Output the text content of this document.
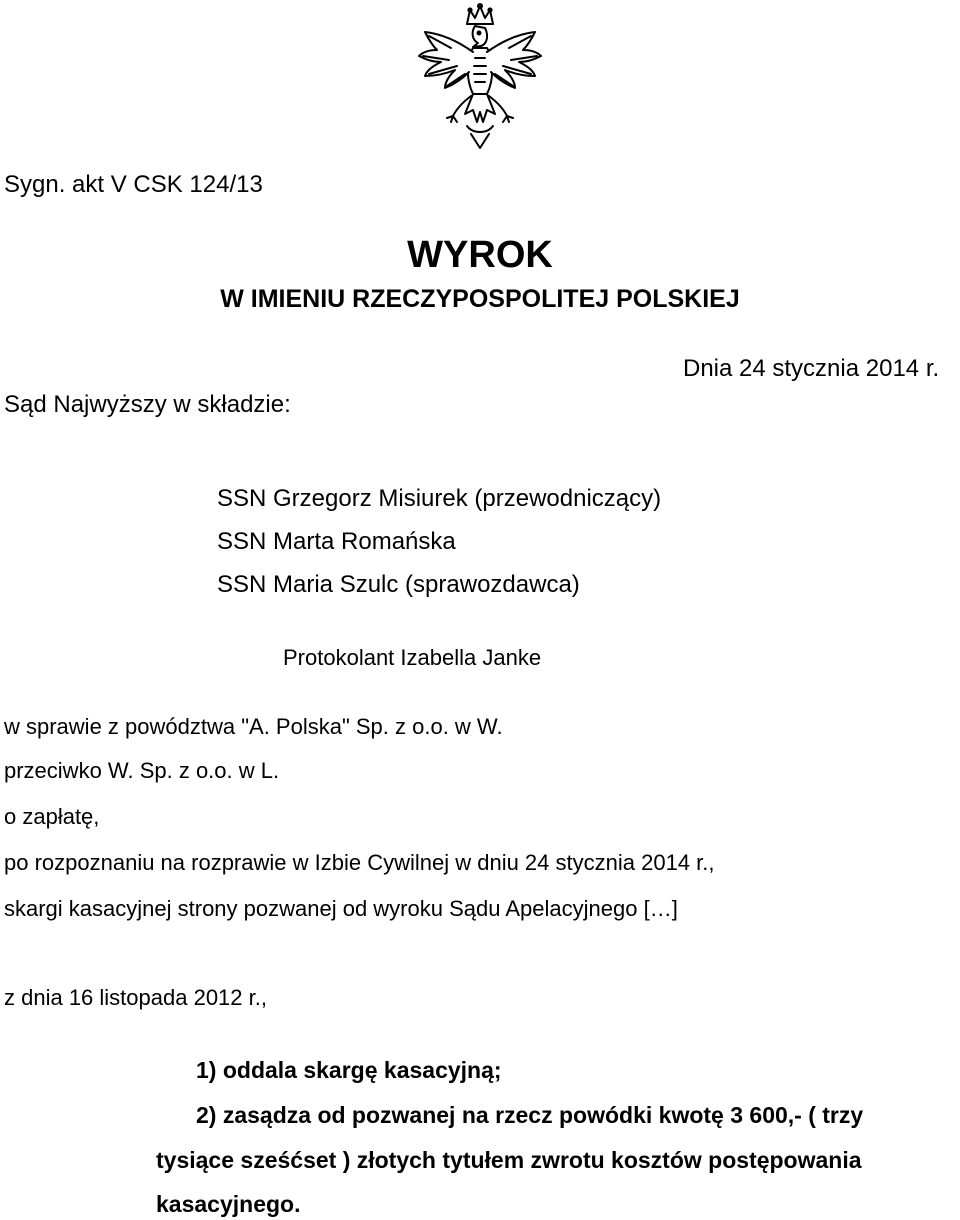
Sygn. akt V CSK 124/13
WYROK
W IMIENIU RZECZYPOSPOLITEJ POLSKIEJ
Dnia 24 stycznia 2014 r.
Sąd Najwyższy w składzie:
SSN Grzegorz Misiurek (przewodniczący)
SSN Marta Romańska
SSN Maria Szulc (sprawozdawca)
Protokolant Izabella Janke
w sprawie z powództwa "A. Polska" Sp. z o.o. w W.
przeciwko W. Sp. z o.o. w L.
o zapłatę,
po rozpoznaniu na rozprawie w Izbie Cywilnej w dniu 24 stycznia 2014 r.,
skargi kasacyjnej strony pozwanej od wyroku Sądu Apelacyjnego […]
z dnia 16 listopada 2012 r.,
1) oddala skargę kasacyjną;
2) zasądza od pozwanej na rzecz powódki kwotę 3 600,- ( trzy
tysiące sześćset ) złotych tytułem zwrotu kosztów postępowania
kasacyjnego.
